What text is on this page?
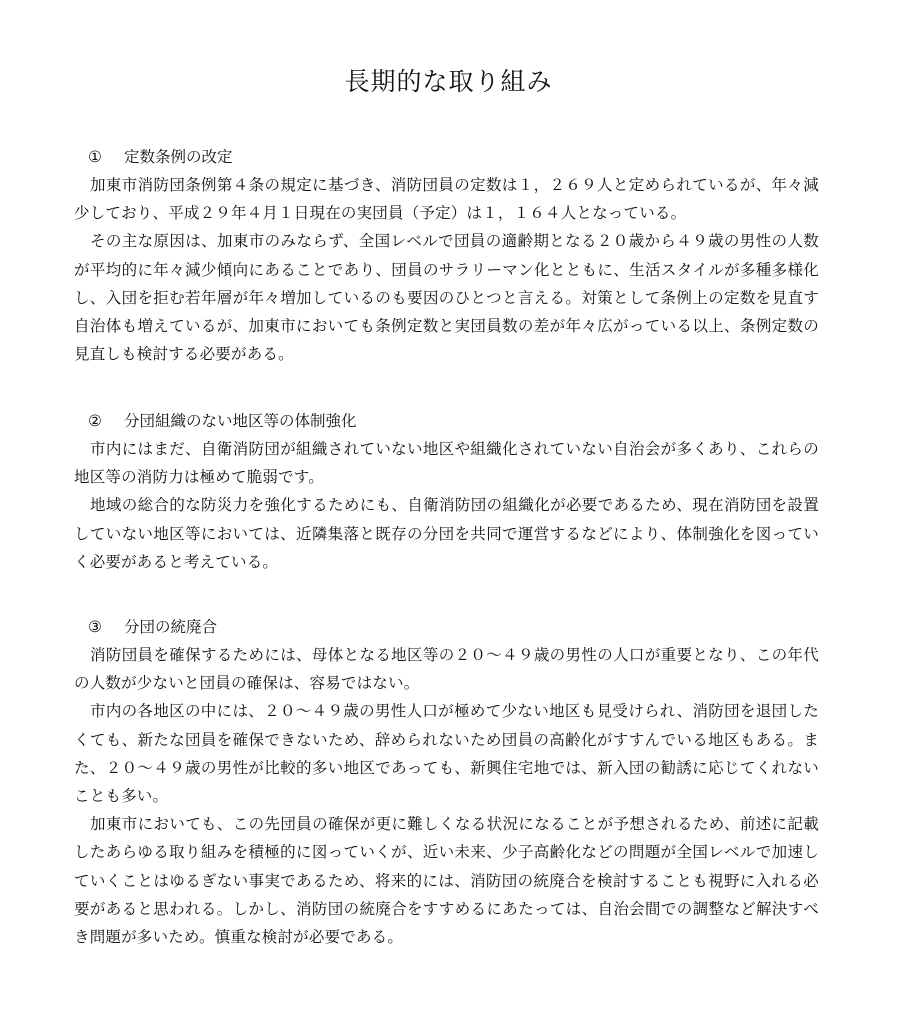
長期的な取り組み
① 定数条例の改定

加東市消防団条例第４条の規定に基づき、消防団員の定数は１，２６９人と定められているが、年々減少しており、平成２９年４月１日現在の実団員（予定）は１，１６４人となっている。

その主な原因は、加東市のみならず、全国レベルで団員の適齢期となる２０歳から４９歳の男性の人数が平均的に年々減少傾向にあることであり、団員のサラリーマン化とともに、生活スタイルが多種多様化し、入団を拒む若年層が年々増加しているのも要因のひとつと言える。対策として条例上の定数を見直す自治体も増えているが、加東市においても条例定数と実団員数の差が年々広がっている以上、条例定数の見直しも検討する必要がある。

② 分団組織のない地区等の体制強化

市内にはまだ、自衛消防団が組織されていない地区や組織化されていない自治会が多くあり、これらの地区等の消防力は極めて脆弱です。

地域の総合的な防災力を強化するためにも、自衛消防団の組織化が必要であるため、現在消防団を設置していない地区等においては、近隣集落と既存の分団を共同で運営するなどにより、体制強化を図っていく必要があると考えている。

③ 分団の統廃合

消防団員を確保するためには、母体となる地区等の２０～４９歳の男性の人口が重要となり、この年代の人数が少ないと団員の確保は、容易ではない。

市内の各地区の中には、２０～４９歳の男性人口が極めて少ない地区も見受けられ、消防団を退団したくても、新たな団員を確保できないため、辞められないため団員の高齢化がすすんでいる地区もある。また、２０～４９歳の男性が比較的多い地区であっても、新興住宅地では、新入団の勧誘に応じてくれないことも多い。

加東市においても、この先団員の確保が更に難しくなる状況になることが予想されるため、前述に記載したあらゆる取り組みを積極的に図っていくが、近い未来、少子高齢化などの問題が全国レベルで加速していくことはゆるぎない事実であるため、将来的には、消防団の統廃合を検討することも視野に入れる必要があると思われる。しかし、消防団の統廃合をすすめるにあたっては、自治会間での調整など解決すべき問題が多いため。慎重な検討が必要である。
